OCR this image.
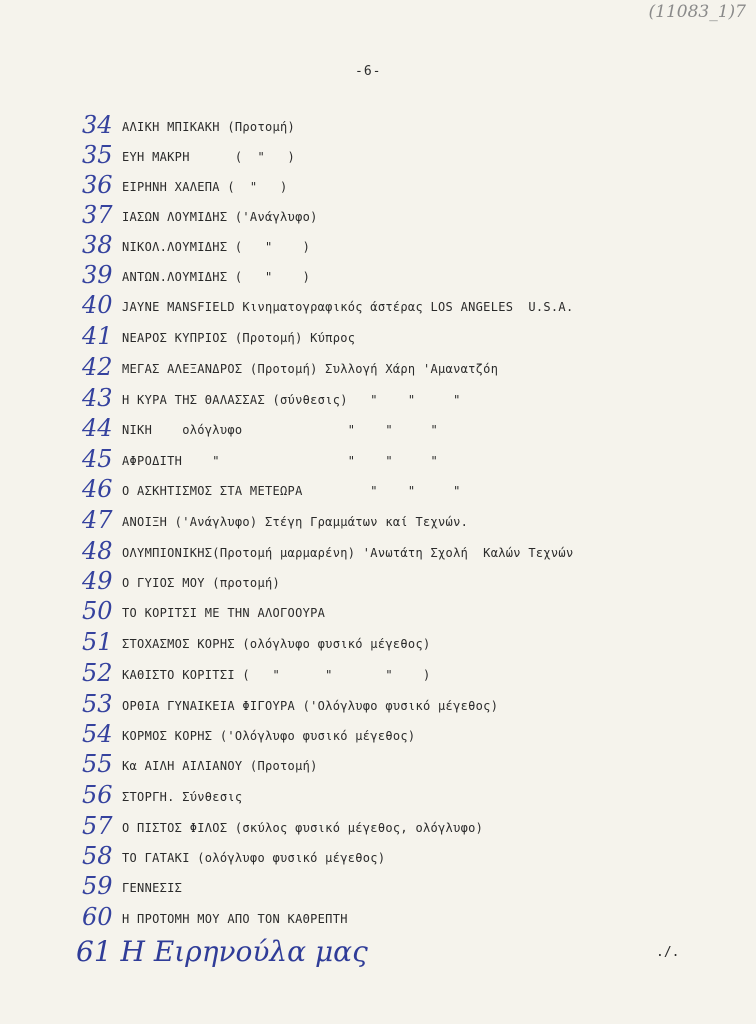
(11083_1)7
-6-
34 ΑΛΙΚΗ ΜΠΙΚΑΚΗ (Προτομή)
35 ΕΥΗ ΜΑΚΡΗ      (  "   )
36 ΕΙΡΗΝΗ ΧΑΛΕΠΑ (  "   )
37 ΙΑΣΩΝ ΛΟΥΜΙΔΗΣ ('Ανάγλυφο)
38 ΝΙΚΟΛ.ΛΟΥΜΙΔΗΣ (   "    )
39 ΑΝΤΩΝ.ΛΟΥΜΙΔΗΣ (   "    )
40 JAYNE MANSFIELD Κινηματογραφικός άστέρας LOS ANGELES  U.S.A.
41 ΝΕΑΡΟΣ ΚΥΠΡΙΟΣ (Προτομή) Κύπρος
42 ΜΕΓΑΣ ΑΛΕΞΑΝΔΡΟΣ (Προτομή) Συλλογή Χάρη 'Αμανατζόη
43 Η ΚΥΡΑ ΤΗΣ ΘΑΛΑΣΣΑΣ (σύνθεσις)   "    "     "
44 ΝΙΚΗ    ολόγλυφο              "    "     "
45 ΑΦΡΟΔΙΤΗ    "                 "    "     "
46 Ο ΑΣΚΗΤΙΣΜΟΣ ΣΤΑ ΜΕΤΕΩΡΑ         "    "     "
47 ΑΝΟΙΞΗ ('Ανάγλυφο) Στέγη Γραμμάτων καί Τεχνών.
48 ΟΛΥΜΠΙΟΝΙΚΗΣ(Προτομή μαρμαρένη) 'Ανωτάτη Σχολή  Καλών Τεχνών
49 Ο ΓΥΙΟΣ ΜΟΥ (προτομή)
50 ΤΟ ΚΟΡΙΤΣΙ ΜΕ ΤΗΝ ΑΛΟΓΟΟΥΡΑ
51 ΣΤΟΧΑΣΜΟΣ ΚΟΡΗΣ (ολόγλυφο φυσικό μέγεθος)
52 ΚΑΘΙΣΤΟ ΚΟΡΙΤΣΙ (   "      "       "    )
53 ΟΡΘΙΑ ΓΥΝΑΙΚΕΙΑ ΦΙΓΟΥΡΑ ('Ολόγλυφο φυσικό μέγεθος)
54 ΚΟΡΜΟΣ ΚΟΡΗΣ ('Ολόγλυφο φυσικό μέγεθος)
55 Κα ΑΙΛΗ ΑΙΛΙΑΝΟΥ (Προτομή)
56 ΣΤΟΡΓΗ. Σύνθεσις
57 Ο ΠΙΣΤΟΣ ΦΙΛΟΣ (σκύλος φυσικό μέγεθος, ολόγλυφο)
58 ΤΟ ΓΑΤΑΚΙ (ολόγλυφο φυσικό μέγεθος)
59 ΓΕΝΝΕΣΙΣ
60 Η ΠΡΟΤΟΜΗ ΜΟΥ ΑΠΟ ΤΟΝ ΚΑΘΡΕΠΤΗ
61 Η Ειρηνούλα μας	./.
